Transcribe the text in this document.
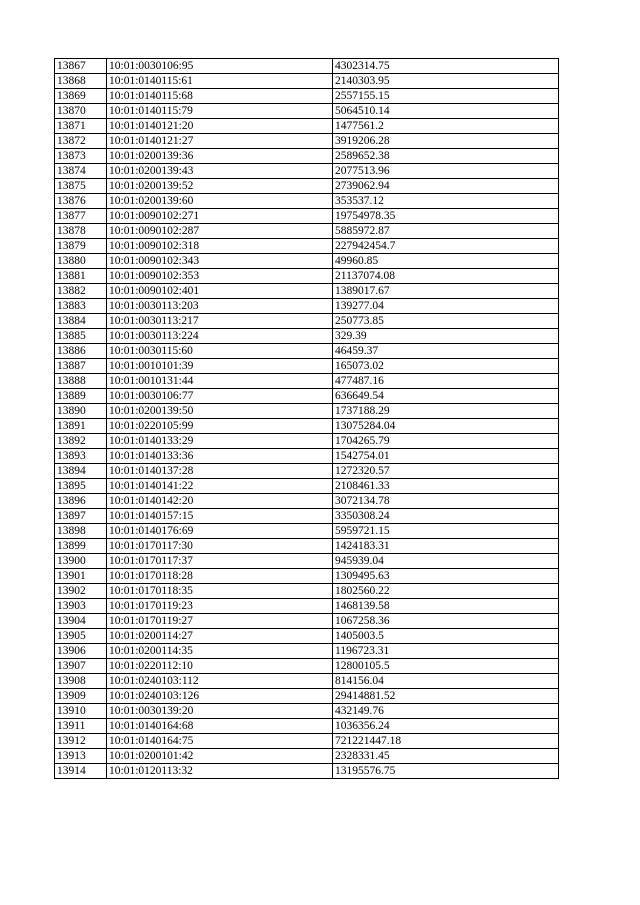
13867	10:01:0030106:95	4302314.75
13868	10:01:0140115:61	2140303.95
13869	10:01:0140115:68	2557155.15
13870	10:01:0140115:79	5064510.14
13871	10:01:0140121:20	1477561.2
13872	10:01:0140121:27	3919206.28
13873	10:01:0200139:36	2589652.38
13874	10:01:0200139:43	2077513.96
13875	10:01:0200139:52	2739062.94
13876	10:01:0200139:60	353537.12
13877	10:01:0090102:271	19754978.35
13878	10:01:0090102:287	5885972.87
13879	10:01:0090102:318	227942454.7
13880	10:01:0090102:343	49960.85
13881	10:01:0090102:353	21137074.08
13882	10:01:0090102:401	1389017.67
13883	10:01:0030113:203	139277.04
13884	10:01:0030113:217	250773.85
13885	10:01:0030113:224	329.39
13886	10:01:0030115:60	46459.37
13887	10:01:0010101:39	165073.02
13888	10:01:0010131:44	477487.16
13889	10:01:0030106:77	636649.54
13890	10:01:0200139:50	1737188.29
13891	10:01:0220105:99	13075284.04
13892	10:01:0140133:29	1704265.79
13893	10:01:0140133:36	1542754.01
13894	10:01:0140137:28	1272320.57
13895	10:01:0140141:22	2108461.33
13896	10:01:0140142:20	3072134.78
13897	10:01:0140157:15	3350308.24
13898	10:01:0140176:69	5959721.15
13899	10:01:0170117:30	1424183.31
13900	10:01:0170117:37	945939.04
13901	10:01:0170118:28	1309495.63
13902	10:01:0170118:35	1802560.22
13903	10:01:0170119:23	1468139.58
13904	10:01:0170119:27	1067258.36
13905	10:01:0200114:27	1405003.5
13906	10:01:0200114:35	1196723.31
13907	10:01:0220112:10	12800105.5
13908	10:01:0240103:112	814156.04
13909	10:01:0240103:126	29414881.52
13910	10:01:0030139:20	432149.76
13911	10:01:0140164:68	1036356.24
13912	10:01:0140164:75	721221447.18
13913	10:01:0200101:42	2328331.45
13914	10:01:0120113:32	13195576.75
